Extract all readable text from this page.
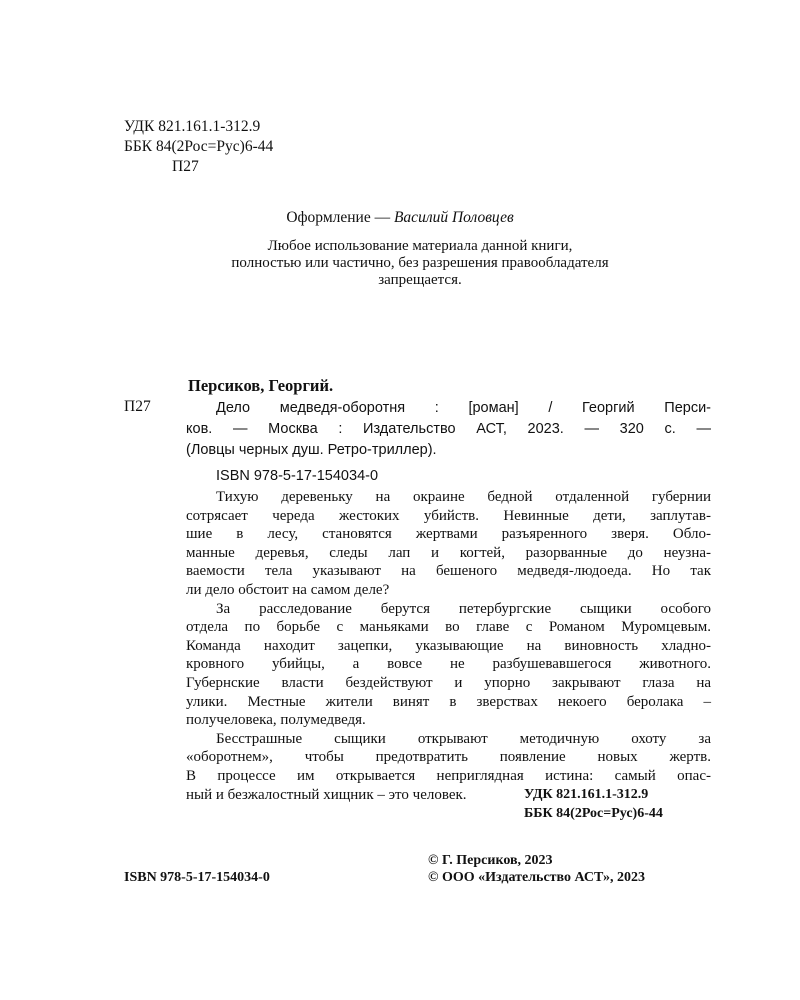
УДК 821.161.1-312.9
ББК 84(2Рос=Рус)6-44
П27
Оформление — Василий Половцев
Любое использование материала данной книги,
полностью или частично, без разрешения правообладателя
запрещается.
Персиков, Георгий.
П27	Дело медведя-оборотня : [роман] / Георгий Перси-
ков. — Москва : Издательство АСТ, 2023. — 320 с. —
(Ловцы черных душ. Ретро-триллер).
ISBN 978-5-17-154034-0
Тихую деревеньку на окраине бедной отдаленной губернии
сотрясает череда жестоких убийств. Невинные дети, заплутав-
шие в лесу, становятся жертвами разъяренного зверя. Обло-
манные деревья, следы лап и когтей, разорванные до неузна-
ваемости тела указывают на бешеного медведя-людоеда. Но так
ли дело обстоит на самом деле?
За расследование берутся петербургские сыщики особого
отдела по борьбе с маньяками во главе с Романом Муромцевым.
Команда находит зацепки, указывающие на виновность хладно-
кровного убийцы, а вовсе не разбушевавшегося животного.
Губернские власти бездействуют и упорно закрывают глаза на
улики. Местные жители винят в зверствах некоего беролака –
получеловека, полумедведя.
Бесстрашные сыщики открывают методичную охоту за
«оборотнем», чтобы предотвратить появление новых жертв.
В процессе им открывается неприглядная истина: самый опас-
ный и безжалостный хищник – это человек.	УДК 821.161.1-312.9
ББК 84(2Рос=Рус)6-44
© Г. Персиков, 2023
ISBN 978-5-17-154034-0	© ООО «Издательство АСТ», 2023
